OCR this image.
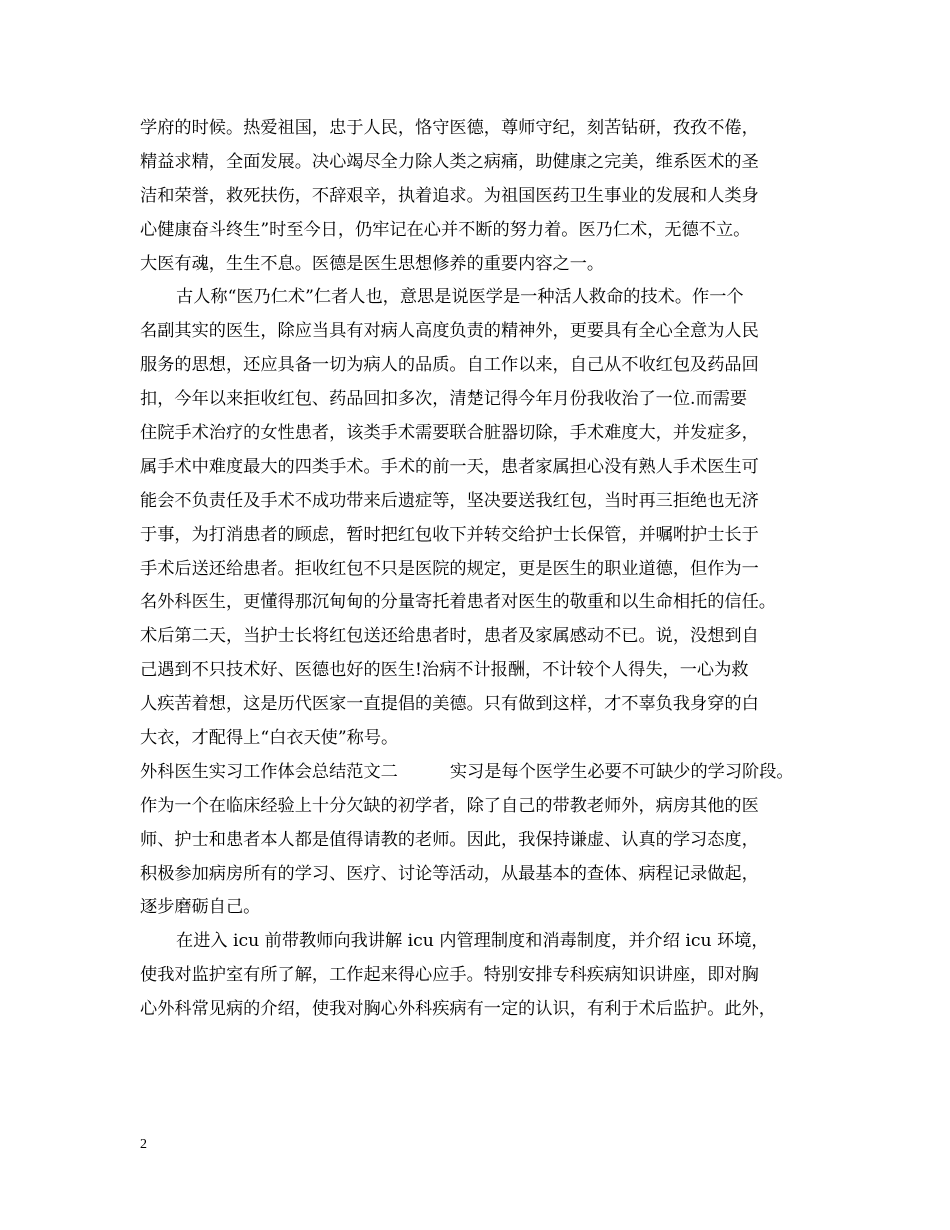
学府的时候。热爱祖国，忠于人民，恪守医德，尊师守纪，刻苦钻研，孜孜不倦，
精益求精，全面发展。决心竭尽全力除人类之病痛，助健康之完美，维系医术的圣
洁和荣誉，救死扶伤，不辞艰辛，执着追求。为祖国医药卫生事业的发展和人类身
心健康奋斗终生”时至今日，仍牢记在心并不断的努力着。医乃仁术，无德不立。
大医有魂，生生不息。医德是医生思想修养的重要内容之一。
古人称“医乃仁术”仁者人也，意思是说医学是一种活人救命的技术。作一个
名副其实的医生，除应当具有对病人高度负责的精神外，更要具有全心全意为人民
服务的思想，还应具备一切为病人的品质。自工作以来，自己从不收红包及药品回
扣，今年以来拒收红包、药品回扣多次，清楚记得今年月份我收治了一位.而需要
住院手术治疗的女性患者，该类手术需要联合脏器切除，手术难度大，并发症多，
属手术中难度最大的四类手术。手术的前一天，患者家属担心没有熟人手术医生可
能会不负责任及手术不成功带来后遗症等，坚决要送我红包，当时再三拒绝也无济
于事，为打消患者的顾虑，暂时把红包收下并转交给护士长保管，并嘱咐护士长于
手术后送还给患者。拒收红包不只是医院的规定，更是医生的职业道德，但作为一
名外科医生，更懂得那沉甸甸的分量寄托着患者对医生的敬重和以生命相托的信任。
术后第二天，当护士长将红包送还给患者时，患者及家属感动不已。说，没想到自
己遇到不只技术好、医德也好的医生!治病不计报酬，不计较个人得失，一心为救
人疾苦着想，这是历代医家一直提倡的美德。只有做到这样，才不辜负我身穿的白
大衣，才配得上“白衣天使”称号。
外科医生实习工作体会总结范文二	实习是每个医学生必要不可缺少的学习阶段。
作为一个在临床经验上十分欠缺的初学者，除了自己的带教老师外，病房其他的医
师、护士和患者本人都是值得请教的老师。因此，我保持谦虚、认真的学习态度，
积极参加病房所有的学习、医疗、讨论等活动，从最基本的查体、病程记录做起，
逐步磨砺自己。
在进入 icu 前带教师向我讲解 icu 内管理制度和消毒制度，并介绍 icu 环境，
使我对监护室有所了解，工作起来得心应手。特别安排专科疾病知识讲座，即对胸
心外科常见病的介绍，使我对胸心外科疾病有一定的认识，有利于术后监护。此外，
2
